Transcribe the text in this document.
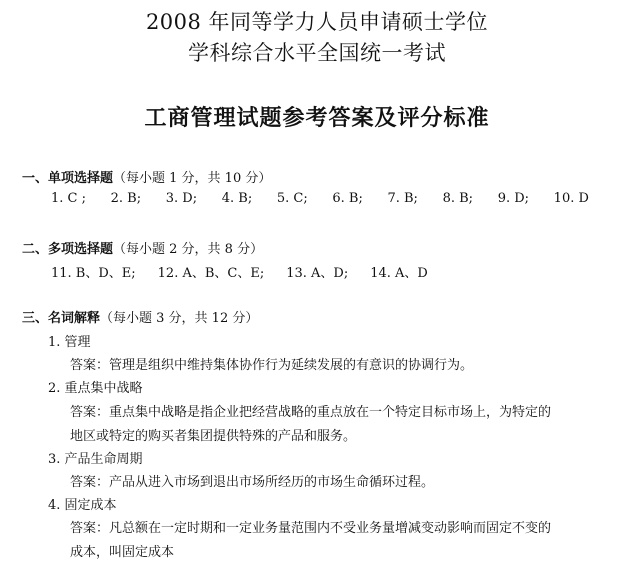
2008 年同等学力人员申请硕士学位
学科综合水平全国统一考试
工商管理试题参考答案及评分标准
一、单项选择题（每小题 1 分，共 10 分）
1. C ; 2. B; 3. D; 4. B; 5. C; 6. B; 7. B; 8. B; 9. D; 10. D
二、多项选择题（每小题 2 分，共 8 分）
11. B、D、E; 12. A、B、C、E; 13. A、D; 14. A、D
三、名词解释（每小题 3 分，共 12 分）
1. 管理
答案：管理是组织中维持集体协作行为延续发展的有意识的协调行为。
2. 重点集中战略
答案：重点集中战略是指企业把经营战略的重点放在一个特定目标市场上，为特定的
地区或特定的购买者集团提供特殊的产品和服务。
3. 产品生命周期
答案：产品从进入市场到退出市场所经历的市场生命循环过程。
4. 固定成本
答案：凡总额在一定时期和一定业务量范围内不受业务量增减变动影响而固定不变的
成本，叫固定成本
